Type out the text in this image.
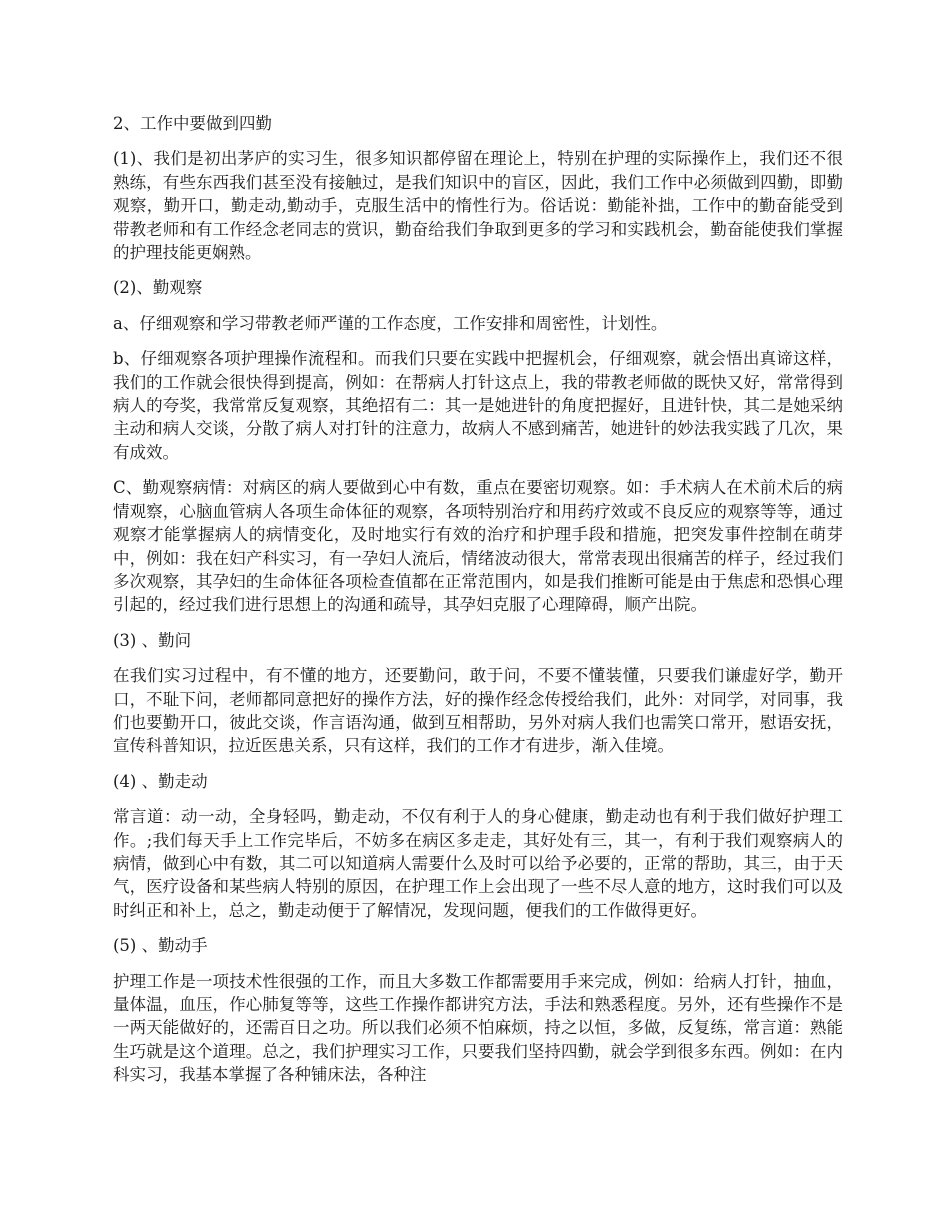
2、工作中要做到四勤

(1)、我们是初出茅庐的实习生，很多知识都停留在理论上，特别在护理的实际操作上，我们还不很熟练，有些东西我们甚至没有接触过，是我们知识中的盲区，因此，我们工作中必须做到四勤，即勤观察，勤开口，勤走动,勤动手，克服生活中的惰性行为。俗话说：勤能补拙，工作中的勤奋能受到带教老师和有工作经念老同志的赏识，勤奋给我们争取到更多的学习和实践机会，勤奋能使我们掌握的护理技能更娴熟。

(2)、勤观察

a、仔细观察和学习带教老师严谨的工作态度，工作安排和周密性，计划性。

b、仔细观察各项护理操作流程和。而我们只要在实践中把握机会，仔细观察，就会悟出真谛这样，我们的工作就会很快得到提高，例如：在帮病人打针这点上，我的带教老师做的既快又好，常常得到病人的夸奖，我常常反复观察，其绝招有二：其一是她进针的角度把握好，且进针快，其二是她采纳主动和病人交谈，分散了病人对打针的注意力，故病人不感到痛苦，她进针的妙法我实践了几次，果有成效。

C、勤观察病情：对病区的病人要做到心中有数，重点在要密切观察。如：手术病人在术前术后的病情观察，心脑血管病人各项生命体征的观察，各项特别治疗和用药疗效或不良反应的观察等等，通过观察才能掌握病人的病情变化，及时地实行有效的治疗和护理手段和措施，把突发事件控制在萌芽中，例如：我在妇产科实习，有一孕妇人流后，情绪波动很大，常常表现出很痛苦的样子，经过我们多次观察，其孕妇的生命体征各项检查值都在正常范围内，如是我们推断可能是由于焦虑和恐惧心理引起的，经过我们进行思想上的沟通和疏导，其孕妇克服了心理障碍，顺产出院。

(3) 、勤问

在我们实习过程中，有不懂的地方，还要勤问，敢于问，不要不懂装懂，只要我们谦虚好学，勤开口，不耻下问，老师都同意把好的操作方法，好的操作经念传授给我们，此外：对同学，对同事，我们也要勤开口，彼此交谈，作言语沟通，做到互相帮助，另外对病人我们也需笑口常开，慰语安抚，宣传科普知识，拉近医患关系，只有这样，我们的工作才有进步，渐入佳境。

(4) 、勤走动

常言道：动一动，全身轻吗，勤走动，不仅有利于人的身心健康，勤走动也有利于我们做好护理工作。;我们每天手上工作完毕后，不妨多在病区多走走，其好处有三，其一，有利于我们观察病人的病情，做到心中有数，其二可以知道病人需要什么及时可以给予必要的，正常的帮助，其三，由于天气，医疗设备和某些病人特别的原因，在护理工作上会出现了一些不尽人意的地方，这时我们可以及时纠正和补上，总之，勤走动便于了解情况，发现问题，便我们的工作做得更好。

(5) 、勤动手

护理工作是一项技术性很强的工作，而且大多数工作都需要用手来完成，例如：给病人打针，抽血，量体温，血压，作心肺复等等，这些工作操作都讲究方法，手法和熟悉程度。另外，还有些操作不是一两天能做好的，还需百日之功。所以我们必须不怕麻烦，持之以恒，多做，反复练，常言道：熟能生巧就是这个道理。总之，我们护理实习工作，只要我们坚持四勤，就会学到很多东西。例如：在内科实习，我基本掌握了各种铺床法，各种注
